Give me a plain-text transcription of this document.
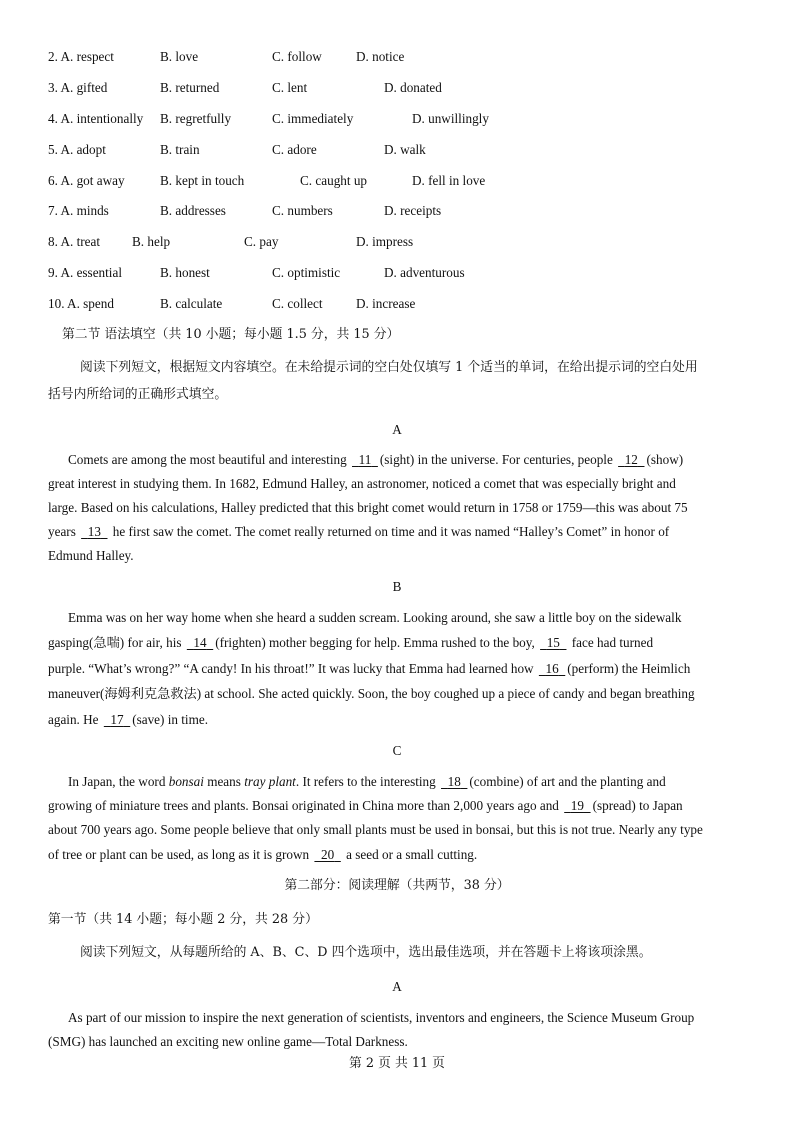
2. A. respect	B. love	C. follow	D. notice
3. A. gifted	B. returned	C. lent	D. donated
4. A. intentionally B. regretfully	C. immediately	D. unwillingly
5. A. adopt	B. train	C. adore	D. walk
6. A. got away	B. kept in touch	C. caught up	D. fell in love
7. A. minds	B. addresses	C. numbers	D. receipts
8. A. treat B. help	C. pay	D. impress
9. A. essential	B. honest	C. optimistic	D. adventurous
10. A. spend	B. calculate	C. collect	D. increase
第二节 语法填空（共 10 小题；每小题 1.5 分，共 15 分）
阅读下列短文，根据短文内容填空。在未给提示词的空白处仅填写 1 个适当的单词，在给出提示词的空白处用
括号内所给词的正确形式填空。
A
Comets are among the most beautiful and interesting   11 (sight) in the universe. For centuries, people   12 (show)
great interest in studying them. In 1682, Edmund Halley, an astronomer, noticed a comet that was especially bright and
large. Based on his calculations, Halley predicted that this bright comet would return in 1758 or 1759—this was about 75
years   13   he first saw the comet. The comet really returned on time and it was named “Halley’s Comet” in honor of
Edmund Halley.
B
Emma was on her way home when she heard a sudden scream. Looking around, she saw a little boy on the sidewalk
gasping(急喘) for air, his   14 (frighten) mother begging for help. Emma rushed to the boy,   15   face had turned
purple. “What’s wrong?” “A candy! In his throat!” It was lucky that Emma had learned how   16 (perform) the Heimlich
maneuver(海姆利克急救法) at school. She acted quickly. Soon, the boy coughed up a piece of candy and began breathing
again. He   17 (save) in time.
C
In Japan, the word bonsai means tray plant. It refers to the interesting   18 (combine) of art and the planting and
growing of miniature trees and plants. Bonsai originated in China more than 2,000 years ago and   19 (spread) to Japan
about 700 years ago. Some people believe that only small plants must be used in bonsai, but this is not true. Nearly any type
of tree or plant can be used, as long as it is grown   20   a seed or a small cutting.
第二部分：阅读理解（共两节，38 分）
第一节（共 14 小题；每小题 2 分，共 28 分）
阅读下列短文，从每题所给的 A、B、C、D 四个选项中，选出最佳选项，并在答题卡上将该项涂黑。
A
As part of our mission to inspire the next generation of scientists, inventors and engineers, the Science Museum Group
(SMG) has launched an exciting new online game—Total Darkness.
第 2 页 共 11 页
